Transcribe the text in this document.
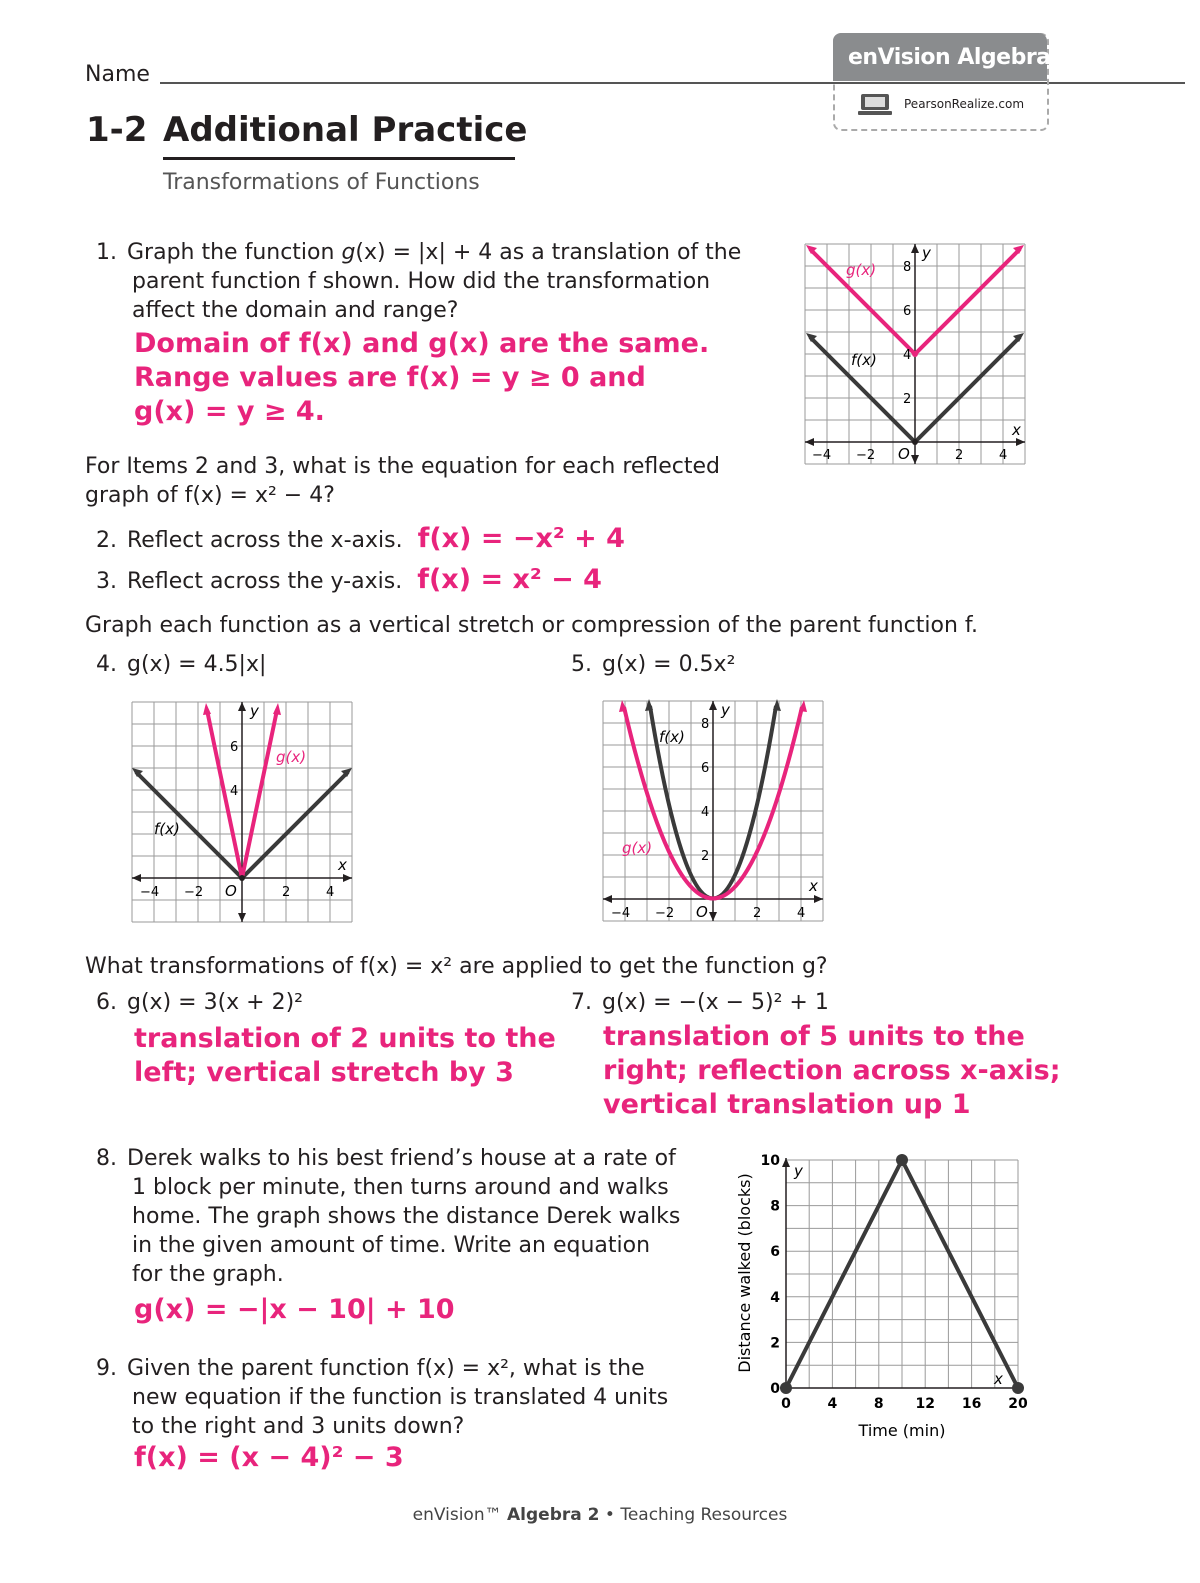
Name
enVision Algebra 2
PearsonRealize.com
1-2 Additional Practice
Transformations of Functions
1. Graph the function g(x) = |x| + 4 as a translation of the
parent function f shown. How did the transformation
affect the domain and range?
Domain of f(x) and g(x) are the same.
Range values are f(x) = y ≥ 0 and
g(x) = y ≥ 4.	2
4
6
8
−4 −2	2	4
O
x
y
g(x)
f(x)
For Items 2 and 3, what is the equation for each reflected
graph of f(x) = x² − 4?
2. Reflect across the x-axis. f(x) = −x² + 4
3. Reflect across the y-axis. f(x) = x² − 4
Graph each function as a vertical stretch or compression of the parent function f.
4. g(x) = 4.5|x|	5. g(x) = 0.5x²
4
6
−4 −2	2	4
O
x
y
g(x)
f(x)
2
4
6
8
−4 −2	2	4
O
x
y
f(x)
g(x)
What transformations of f(x) = x² are applied to get the function g?
6. g(x) = 3(x + 2)²
translation of 2 units to the
left; vertical stretch by 3
7. g(x) = −(x − 5)² + 1
translation of 5 units to the
right; reflection across x-axis;
vertical translation up 1
8. Derek walks to his best friend’s house at a rate of
1 block per minute, then turns around and walks
home. The graph shows the distance Derek walks
in the given amount of time. Write an equation
for the graph.
g(x) = −|x − 10| + 10
9. Given the parent function f(x) = x², what is the
new equation if the function is translated 4 units
to the right and 3 units down?
f(x) = (x − 4)² − 3
0	4	8 12 16 20
0
2
4
6
8
10
Time (min)
Distance walked (blocks)
x
y
enVision™ Algebra 2 • Teaching Resources
